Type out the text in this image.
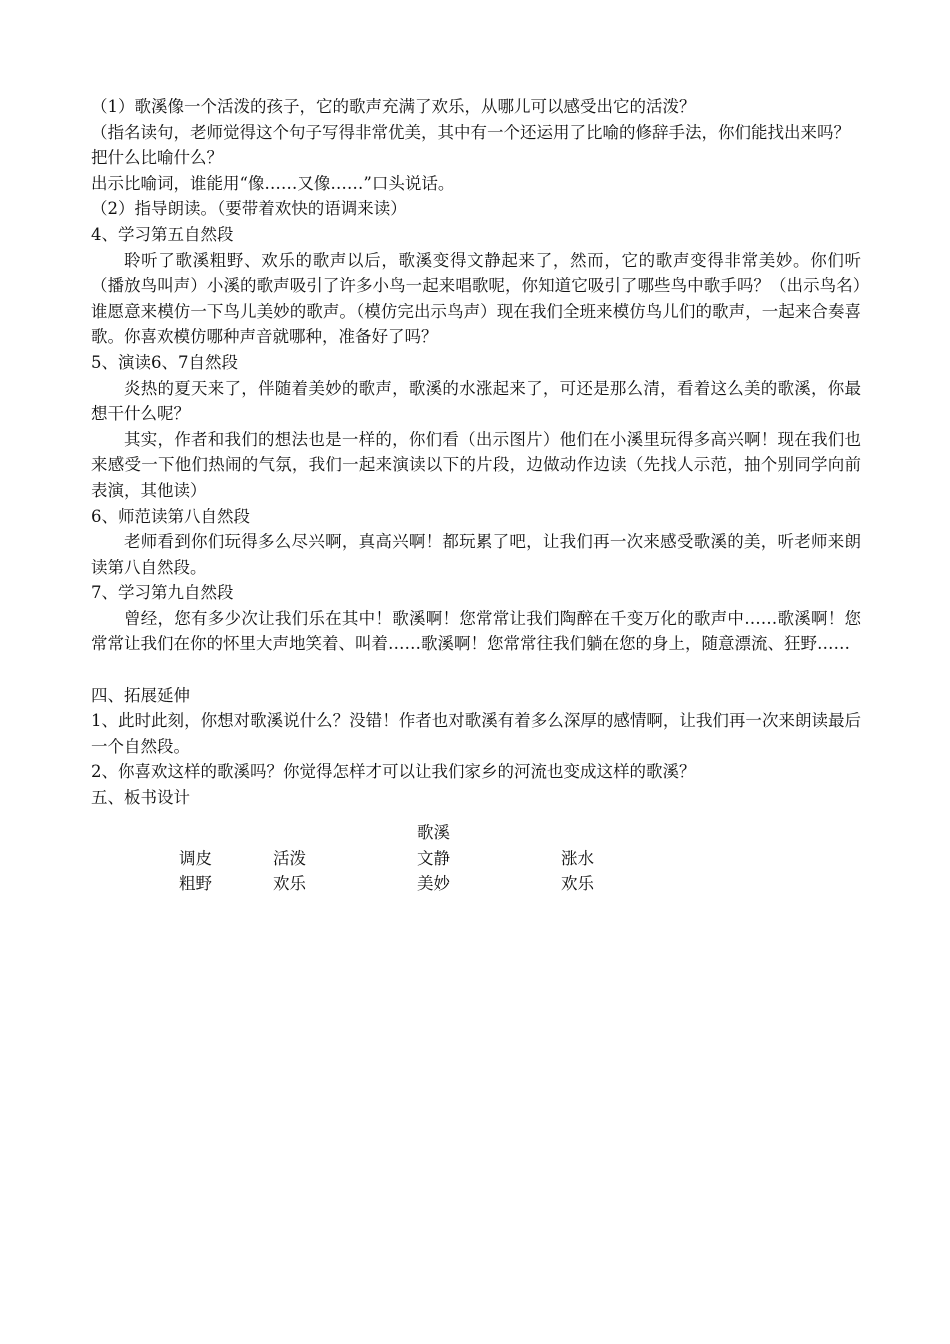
（1）歌溪像一个活泼的孩子，它的歌声充满了欢乐，从哪儿可以感受出它的活泼？

（指名读句，老师觉得这个句子写得非常优美，其中有一个还运用了比喻的修辞手法，你们能找出来吗？把什么比喻什么？

出示比喻词，谁能用“像……又像……”口头说话。

（2）指导朗读。（要带着欢快的语调来读）

4、学习第五自然段

聆听了歌溪粗野、欢乐的歌声以后，歌溪变得文静起来了，然而，它的歌声变得非常美妙。你们听（播放鸟叫声）小溪的歌声吸引了许多小鸟一起来唱歌呢，你知道它吸引了哪些鸟中歌手吗？（出示鸟名）谁愿意来模仿一下鸟儿美妙的歌声。（模仿完出示鸟声）现在我们全班来模仿鸟儿们的歌声，一起来合奏喜歌。你喜欢模仿哪种声音就哪种，准备好了吗？

5、演读6、7自然段

炎热的夏天来了，伴随着美妙的歌声，歌溪的水涨起来了，可还是那么清，看着这么美的歌溪，你最想干什么呢？

其实，作者和我们的想法也是一样的，你们看（出示图片）他们在小溪里玩得多高兴啊！现在我们也来感受一下他们热闹的气氛，我们一起来演读以下的片段，边做动作边读（先找人示范，抽个别同学向前表演，其他读）

6、师范读第八自然段

老师看到你们玩得多么尽兴啊，真高兴啊！都玩累了吧，让我们再一次来感受歌溪的美，听老师来朗读第八自然段。

7、学习第九自然段

曾经，您有多少次让我们乐在其中！歌溪啊！您常常让我们陶醉在千变万化的歌声中……歌溪啊！您常常让我们在你的怀里大声地笑着、叫着……歌溪啊！您常常往我们躺在您的身上，随意漂流、狂野……

四、拓展延伸

1、此时此刻，你想对歌溪说什么？没错！作者也对歌溪有着多么深厚的感情啊，让我们再一次来朗读最后一个自然段。

2、你喜欢这样的歌溪吗？你觉得怎样才可以让我们家乡的河流也变成这样的歌溪？

五、板书设计

歌溪
调皮	活泼	文静	涨水
粗野	欢乐	美妙	欢乐
